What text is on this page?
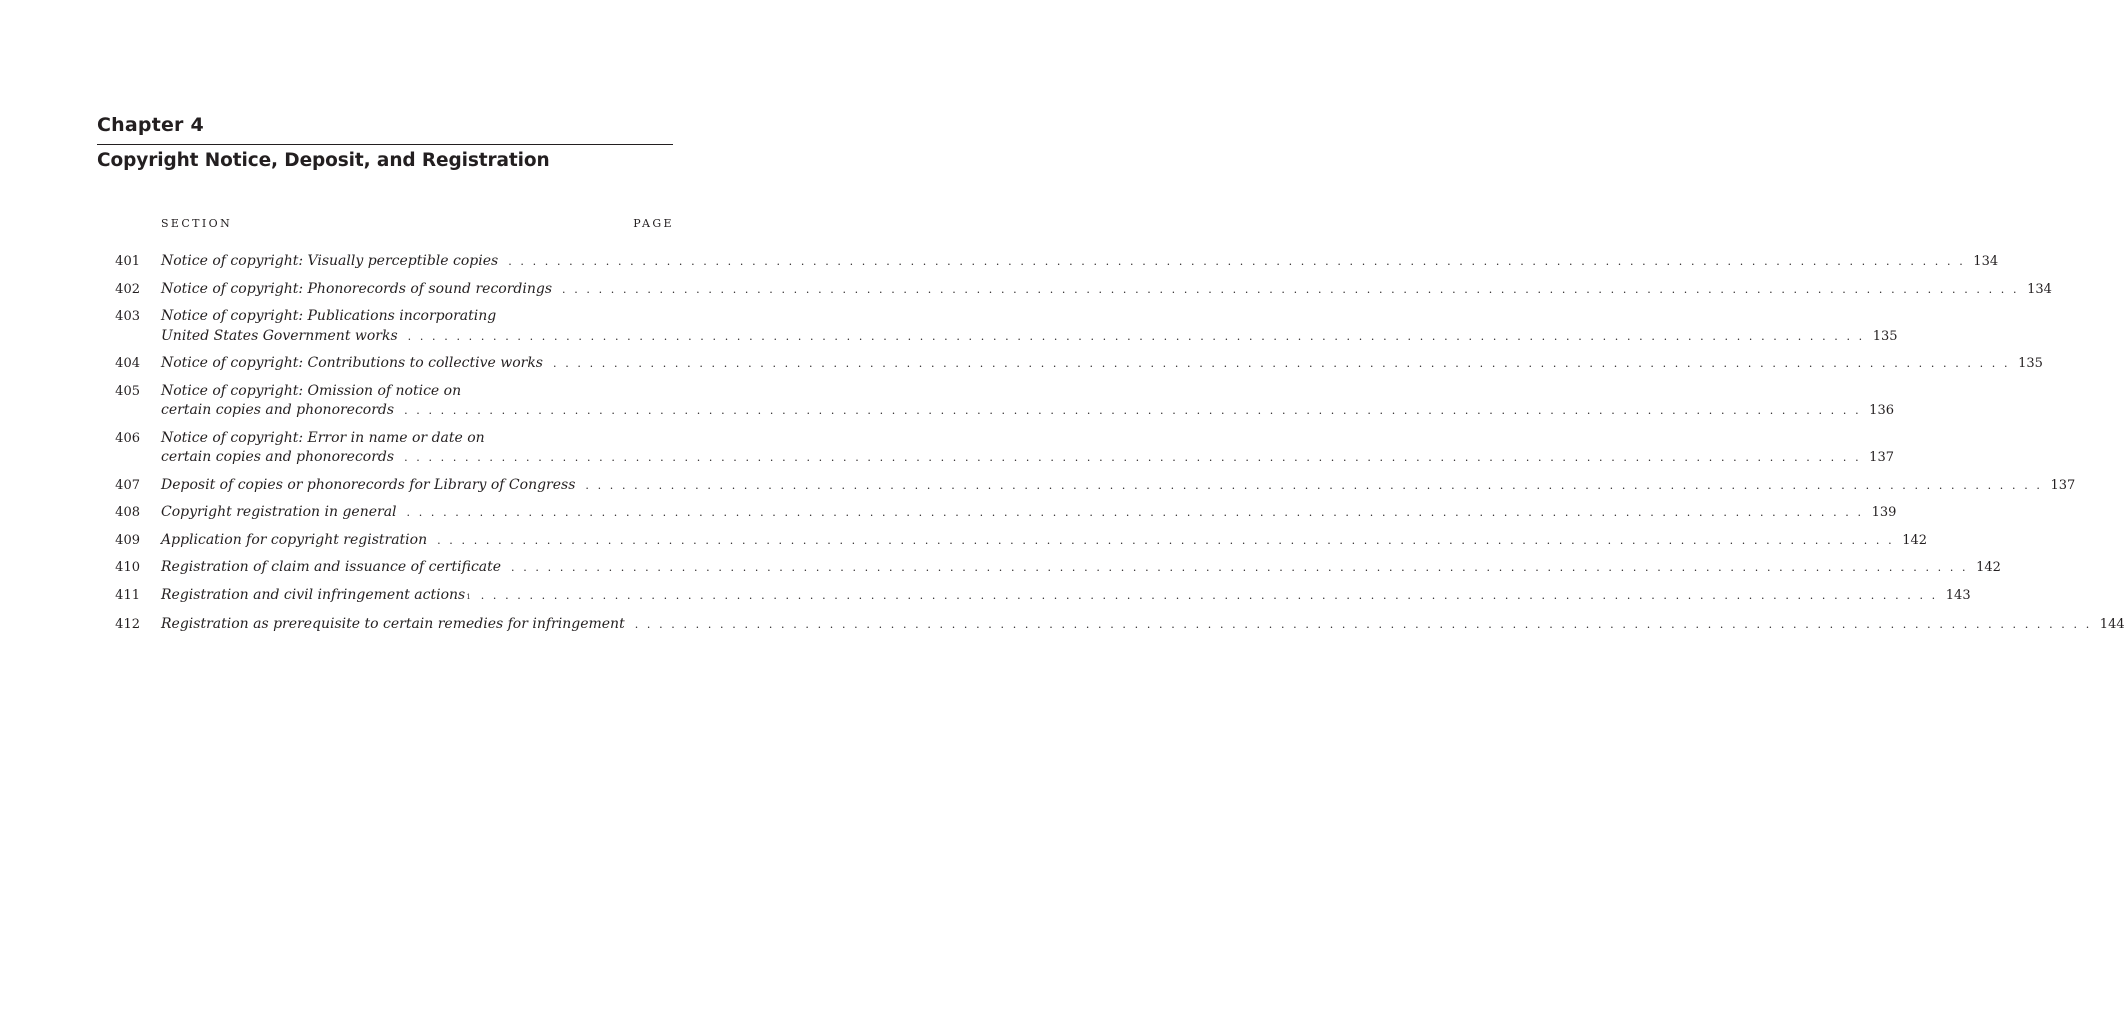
Chapter 4
Copyright Notice, Deposit, and Registration
SECTION	PAGE
401 Notice of copyright: Visually perceptible copies . . . . . . . . . . . . . . . . . . . . . . . . . . . . . . . . . . . . . . . . . . . . . . . . . . . . . . . . . . . . . . . . . . . . . . . . . . . . . . . . . . . . . . . . . . . . . . . . . . . . . . . . . . . . . . . . . . . . . . . . 134
402 Notice of copyright: Phonorecords of sound recordings . . . . . . . . . . . . . . . . . . . . . . . . . . . . . . . . . . . . . . . . . . . . . . . . . . . . . . . . . . . . . . . . . . . . . . . . . . . . . . . . . . . . . . . . . . . . . . . . . . . . . . . . . . . . . . . . . . . . . . . . 134
403 Notice of copyright: Publications incorporating
United States Government works . . . . . . . . . . . . . . . . . . . . . . . . . . . . . . . . . . . . . . . . . . . . . . . . . . . . . . . . . . . . . . . . . . . . . . . . . . . . . . . . . . . . . . . . . . . . . . . . . . . . . . . . . . . . . . . . . . . . . . . . 135
404 Notice of copyright: Contributions to collective works . . . . . . . . . . . . . . . . . . . . . . . . . . . . . . . . . . . . . . . . . . . . . . . . . . . . . . . . . . . . . . . . . . . . . . . . . . . . . . . . . . . . . . . . . . . . . . . . . . . . . . . . . . . . . . . . . . . . . . . . 135
405 Notice of copyright: Omission of notice on
certain copies and phonorecords . . . . . . . . . . . . . . . . . . . . . . . . . . . . . . . . . . . . . . . . . . . . . . . . . . . . . . . . . . . . . . . . . . . . . . . . . . . . . . . . . . . . . . . . . . . . . . . . . . . . . . . . . . . . . . . . . . . . . . . . 136
406 Notice of copyright: Error in name or date on
certain copies and phonorecords . . . . . . . . . . . . . . . . . . . . . . . . . . . . . . . . . . . . . . . . . . . . . . . . . . . . . . . . . . . . . . . . . . . . . . . . . . . . . . . . . . . . . . . . . . . . . . . . . . . . . . . . . . . . . . . . . . . . . . . . 137
407 Deposit of copies or phonorecords for Library of Congress . . . . . . . . . . . . . . . . . . . . . . . . . . . . . . . . . . . . . . . . . . . . . . . . . . . . . . . . . . . . . . . . . . . . . . . . . . . . . . . . . . . . . . . . . . . . . . . . . . . . . . . . . . . . . . . . . . . . . . . . 137
408 Copyright registration in general . . . . . . . . . . . . . . . . . . . . . . . . . . . . . . . . . . . . . . . . . . . . . . . . . . . . . . . . . . . . . . . . . . . . . . . . . . . . . . . . . . . . . . . . . . . . . . . . . . . . . . . . . . . . . . . . . . . . . . . . 139
409 Application for copyright registration . . . . . . . . . . . . . . . . . . . . . . . . . . . . . . . . . . . . . . . . . . . . . . . . . . . . . . . . . . . . . . . . . . . . . . . . . . . . . . . . . . . . . . . . . . . . . . . . . . . . . . . . . . . . . . . . . . . . . . . . 142
410 Registration of claim and issuance of certificate . . . . . . . . . . . . . . . . . . . . . . . . . . . . . . . . . . . . . . . . . . . . . . . . . . . . . . . . . . . . . . . . . . . . . . . . . . . . . . . . . . . . . . . . . . . . . . . . . . . . . . . . . . . . . . . . . . . . . . . . 142
411 Registration and civil infringement actions 1 . . . . . . . . . . . . . . . . . . . . . . . . . . . . . . . . . . . . . . . . . . . . . . . . . . . . . . . . . . . . . . . . . . . . . . . . . . . . . . . . . . . . . . . . . . . . . . . . . . . . . . . . . . . . . . . . . . . . . . . . 143
412 Registration as prerequisite to certain remedies for infringement . . . . . . . . . . . . . . . . . . . . . . . . . . . . . . . . . . . . . . . . . . . . . . . . . . . . . . . . . . . . . . . . . . . . . . . . . . . . . . . . . . . . . . . . . . . . . . . . . . . . . . . . . . . . . . . . . . . . . . . . 144
